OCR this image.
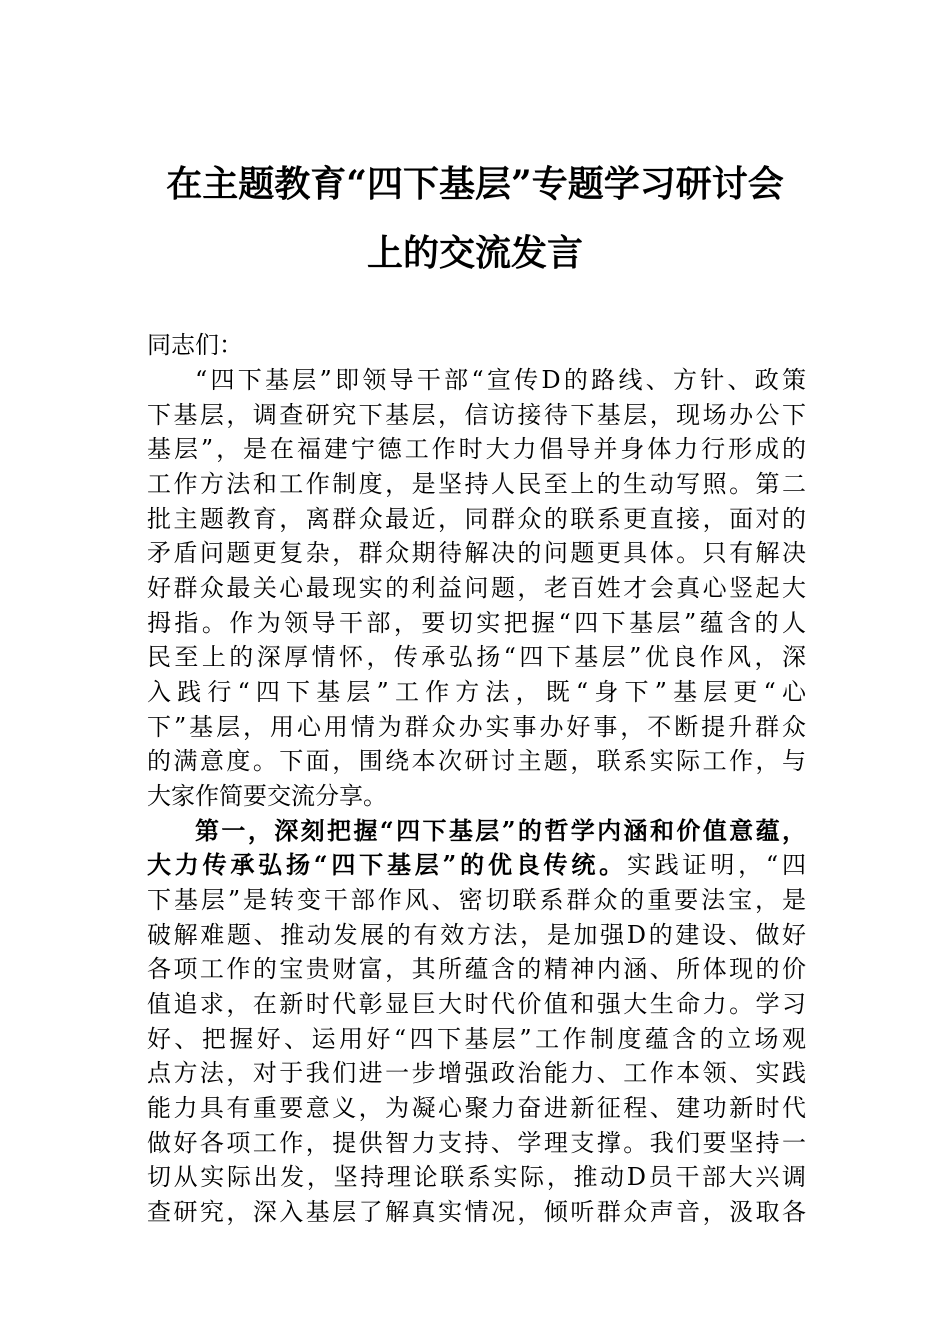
在主题教育“四下基层”专题学习研讨会
上的交流发言
同志们：
“四下基层”即领导干部“宣传D的路线、方针、政策
下基层，调查研究下基层，信访接待下基层，现场办公下
基层”，是在福建宁德工作时大力倡导并身体力行形成的
工作方法和工作制度，是坚持人民至上的生动写照。第二
批主题教育，离群众最近，同群众的联系更直接，面对的
矛盾问题更复杂，群众期待解决的问题更具体。只有解决
好群众最关心最现实的利益问题，老百姓才会真心竖起大
拇指。作为领导干部，要切实把握“四下基层”蕴含的人
民至上的深厚情怀，传承弘扬“四下基层”优良作风，深
入践行“四下基层”工作方法，既“身下”基层更“心
下”基层，用心用情为群众办实事办好事，不断提升群众
的满意度。下面，围绕本次研讨主题，联系实际工作，与
大家作简要交流分享。
第一，深刻把握“四下基层”的哲学内涵和价值意蕴，
大力传承弘扬“四下基层”的优良传统。实践证明，“四
下基层”是转变干部作风、密切联系群众的重要法宝，是
破解难题、推动发展的有效方法，是加强D的建设、做好
各项工作的宝贵财富，其所蕴含的精神内涵、所体现的价
值追求，在新时代彰显巨大时代价值和强大生命力。学习
好、把握好、运用好“四下基层”工作制度蕴含的立场观
点方法，对于我们进一步增强政治能力、工作本领、实践
能力具有重要意义，为凝心聚力奋进新征程、建功新时代
做好各项工作，提供智力支持、学理支撑。我们要坚持一
切从实际出发，坚持理论联系实际，推动D员干部大兴调
查研究，深入基层了解真实情况，倾听群众声音，汲取各
